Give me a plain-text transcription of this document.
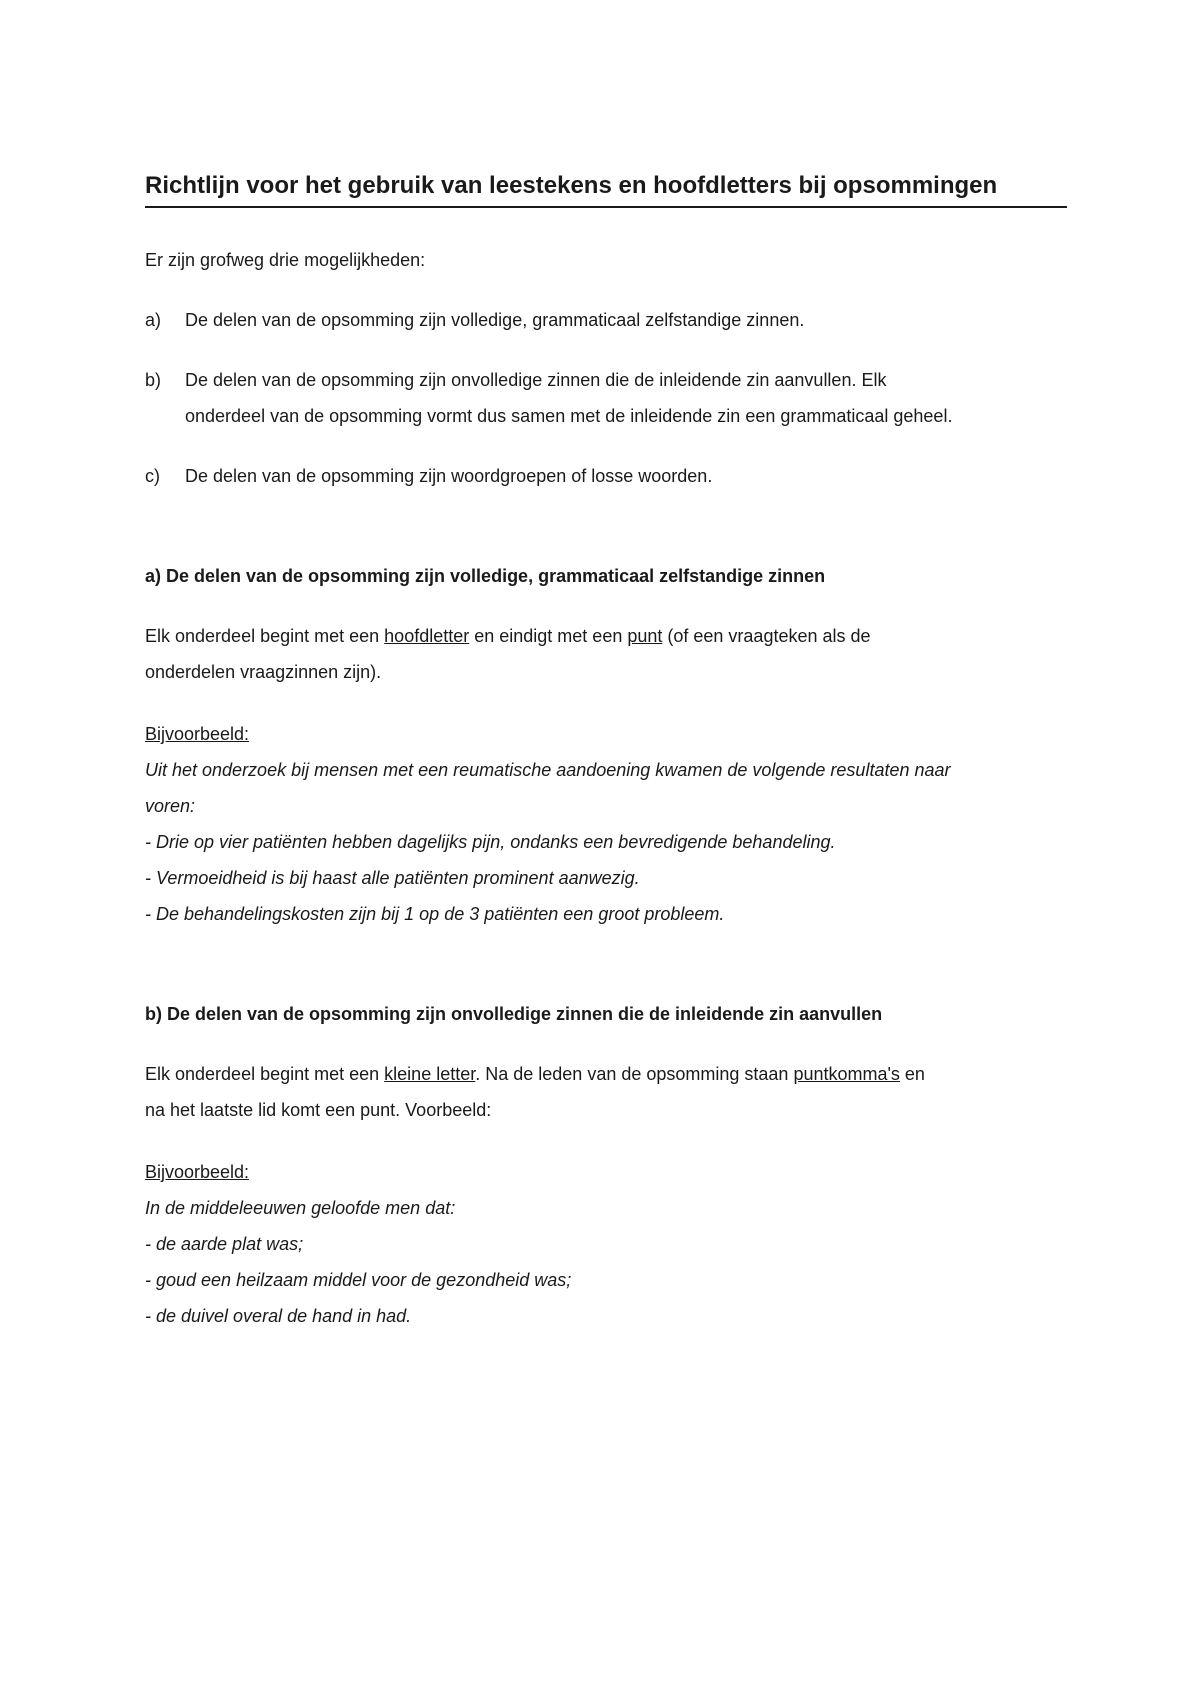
Richtlijn voor het gebruik van leestekens en hoofdletters bij opsommingen
Er zijn grofweg drie mogelijkheden:
a) De delen van de opsomming zijn volledige, grammaticaal zelfstandige zinnen.
b) De delen van de opsomming zijn onvolledige zinnen die de inleidende zin aanvullen. Elk
onderdeel van de opsomming vormt dus samen met de inleidende zin een grammaticaal geheel.
c) De delen van de opsomming zijn woordgroepen of losse woorden.
a) De delen van de opsomming zijn volledige, grammaticaal zelfstandige zinnen
Elk onderdeel begint met een hoofdletter en eindigt met een punt (of een vraagteken als de
onderdelen vraagzinnen zijn).
Bijvoorbeeld:
Uit het onderzoek bij mensen met een reumatische aandoening kwamen de volgende resultaten naar
voren:
- Drie op vier patiënten hebben dagelijks pijn, ondanks een bevredigende behandeling.
- Vermoeidheid is bij haast alle patiënten prominent aanwezig.
- De behandelingskosten zijn bij 1 op de 3 patiënten een groot probleem.
b) De delen van de opsomming zijn onvolledige zinnen die de inleidende zin aanvullen
Elk onderdeel begint met een kleine letter. Na de leden van de opsomming staan puntkomma's en
na het laatste lid komt een punt. Voorbeeld:
Bijvoorbeeld:
In de middeleeuwen geloofde men dat:
- de aarde plat was;
- goud een heilzaam middel voor de gezondheid was;
- de duivel overal de hand in had.
